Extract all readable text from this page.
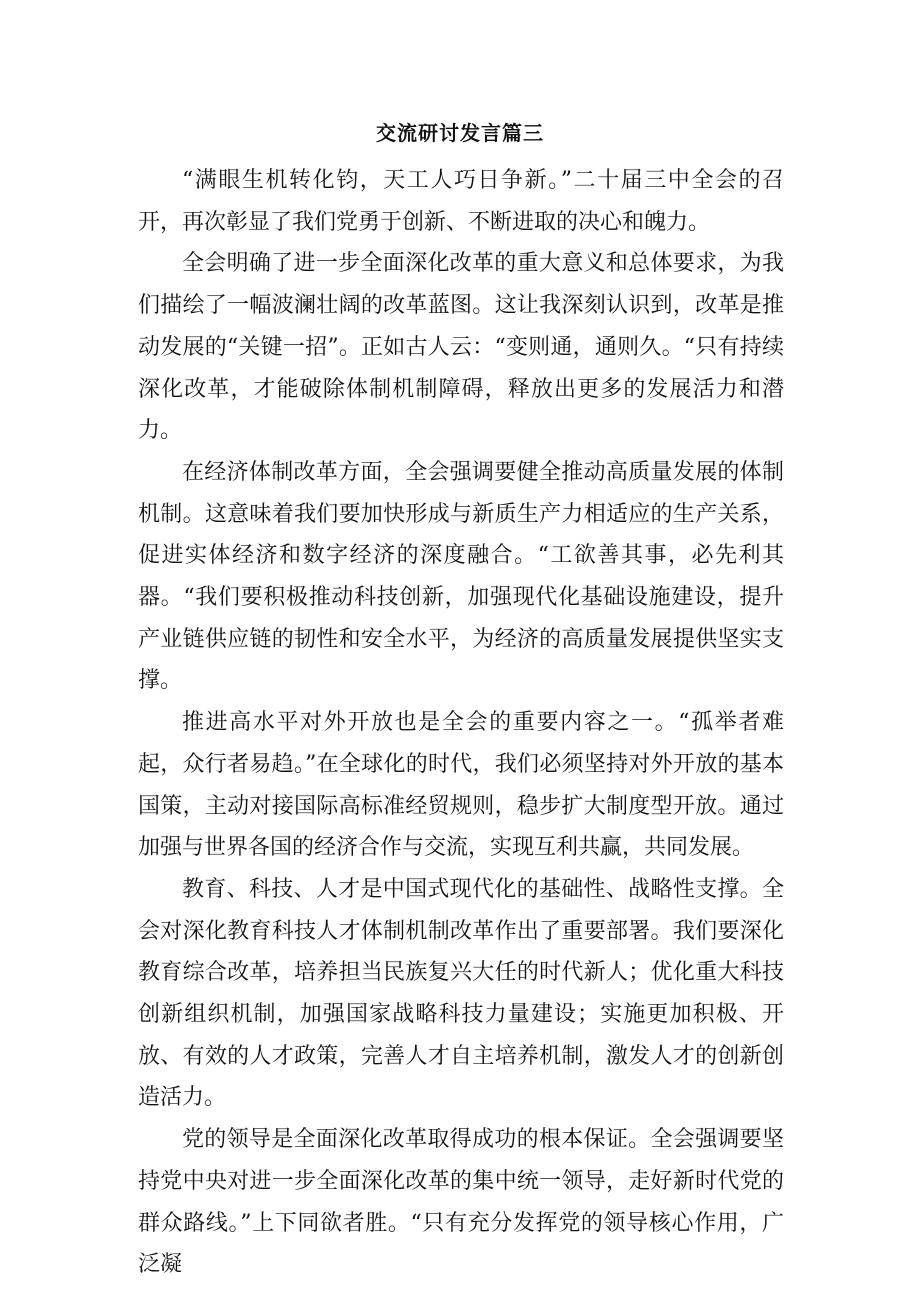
交流研讨发言篇三

“满眼生机转化钧，天工人巧日争新。”二十届三中全会的召开，再次彰显了我们党勇于创新、不断进取的决心和魄力。

全会明确了进一步全面深化改革的重大意义和总体要求，为我们描绘了一幅波澜壮阔的改革蓝图。这让我深刻认识到，改革是推动发展的“关键一招”。正如古人云：“变则通，通则久。“只有持续深化改革，才能破除体制机制障碍，释放出更多的发展活力和潜力。

在经济体制改革方面，全会强调要健全推动高质量发展的体制机制。这意味着我们要加快形成与新质生产力相适应的生产关系，促进实体经济和数字经济的深度融合。“工欲善其事，必先利其器。“我们要积极推动科技创新，加强现代化基础设施建设，提升产业链供应链的韧性和安全水平，为经济的高质量发展提供坚实支撑。

推进高水平对外开放也是全会的重要内容之一。“孤举者难起，众行者易趋。”在全球化的时代，我们必须坚持对外开放的基本国策，主动对接国际高标准经贸规则，稳步扩大制度型开放。通过加强与世界各国的经济合作与交流，实现互利共赢，共同发展。

教育、科技、人才是中国式现代化的基础性、战略性支撑。全会对深化教育科技人才体制机制改革作出了重要部署。我们要深化教育综合改革，培养担当民族复兴大任的时代新人；优化重大科技创新组织机制，加强国家战略科技力量建设；实施更加积极、开放、有效的人才政策，完善人才自主培养机制，激发人才的创新创造活力。

党的领导是全面深化改革取得成功的根本保证。全会强调要坚持党中央对进一步全面深化改革的集中统一领导，走好新时代党的群众路线。”上下同欲者胜。“只有充分发挥党的领导核心作用，广泛凝
